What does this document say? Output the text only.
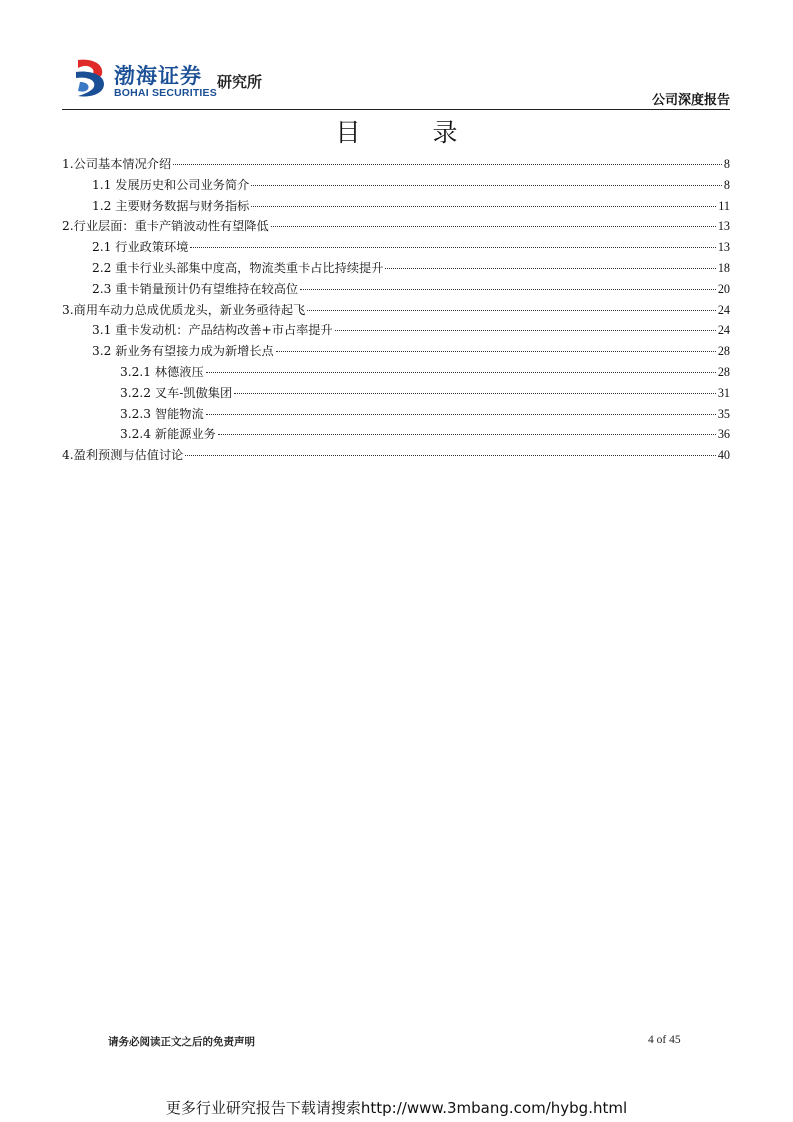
渤海证券
BOHAI SECURITIES
研究所
公司深度报告
目 录
1.公司基本情况介绍	8
1.1 发展历史和公司业务简介	8
1.2 主要财务数据与财务指标	11
2.行业层面：重卡产销波动性有望降低	13
2.1 行业政策环境	13
2.2 重卡行业头部集中度高，物流类重卡占比持续提升	18
2.3 重卡销量预计仍有望维持在较高位	20
3.商用车动力总成优质龙头，新业务亟待起飞	24
3.1 重卡发动机：产品结构改善+市占率提升	24
3.2 新业务有望接力成为新增长点	28
3.2.1 林德液压	28
3.2.2 叉车-凯傲集团	31
3.2.3 智能物流	35
3.2.4 新能源业务	36
4.盈利预测与估值讨论	40
请务必阅读正文之后的免责声明	4 of 45
更多行业研究报告下载请搜索http://www.3mbang.com/hybg.html
